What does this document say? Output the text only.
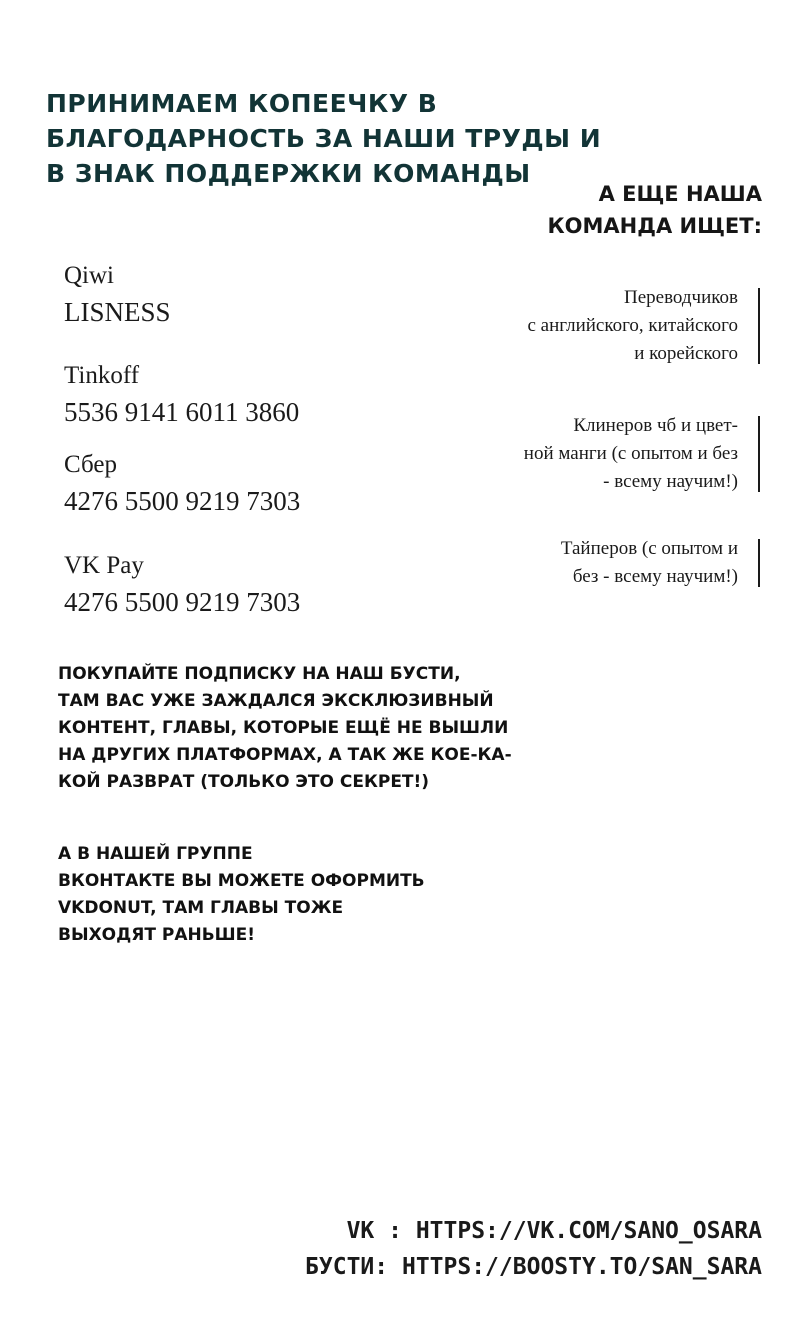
ПРИНИМАЕМ КОПЕЕЧКУ В
БЛАГОДАРНОСТЬ ЗА НАШИ ТРУДЫ И
В ЗНАК ПОДДЕРЖКИ КОМАНДЫ
А ЕЩЕ НАША
КОМАНДА ИЩЕТ:
Qiwi
LISNESS
Tinkoff
5536 9141 6011 3860
Сбер
4276 5500 9219 7303
VK Pay
4276 5500 9219 7303
Переводчиков
с английского, китайского
и корейского
Клинеров чб и цвет-
ной манги (с опытом и без
- всему научим!)
Тайперов (с опытом и
без - всему научим!)
ПОКУПАЙТЕ ПОДПИСКУ НА НАШ БУСТИ,
ТАМ ВАС УЖЕ ЗАЖДАЛСЯ ЭКСКЛЮЗИВНЫЙ
КОНТЕНТ, ГЛАВЫ, КОТОРЫЕ ЕЩЁ НЕ ВЫШЛИ
НА ДРУГИХ ПЛАТФОРМАХ, А ТАК ЖЕ КОЕ-КА-
КОЙ РАЗВРАТ (ТОЛЬКО ЭТО СЕКРЕТ!)
А В НАШЕЙ ГРУППЕ
ВКОНТАКТЕ ВЫ МОЖЕТЕ ОФОРМИТЬ
VKDONUT, ТАМ ГЛАВЫ ТОЖЕ
ВЫХОДЯТ РАНЬШЕ!
VK : HTTPS://VK.COM/SANO_OSARA
БУСТИ: HTTPS://BOOSTY.TO/SAN_SARA
